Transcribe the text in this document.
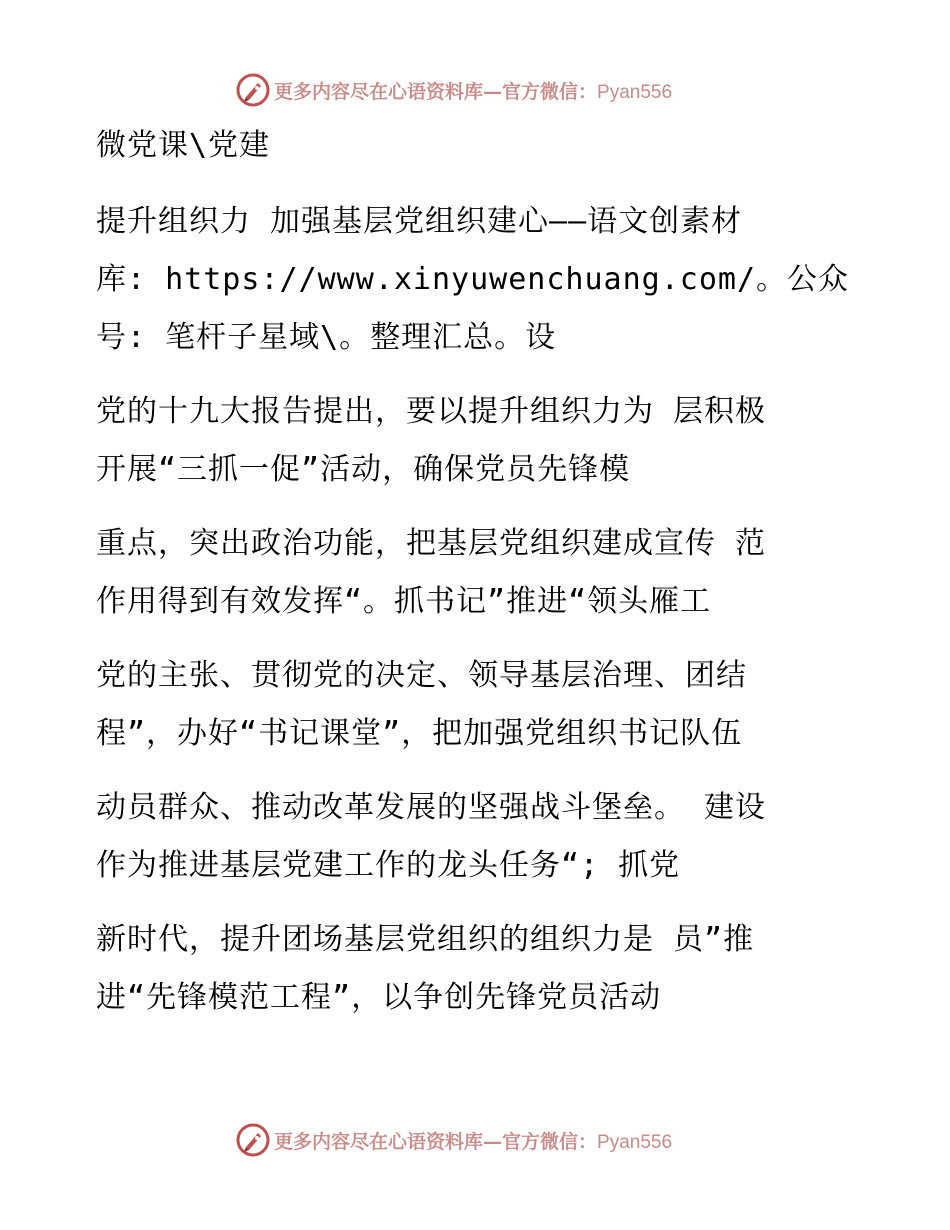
更多内容尽在心语资料库—官方微信：Pyan556
微党课\党建
提升组织力 加强基层党组织建心——语文创素材
库: https://www.xinyuwenchuang.com/。公众
号: 笔杆子星域\。整理汇总。设
党的十九大报告提出，要以提升组织力为 层积极
开展“三抓一促”活动，确保党员先锋模
重点，突出政治功能，把基层党组织建成宣传 范
作用得到有效发挥“。抓书记”推进“领头雁工
党的主张、贯彻党的决定、领导基层治理、团结
程”，办好“书记课堂”，把加强党组织书记队伍
动员群众、推动改革发展的坚强战斗堡垒。 建设
作为推进基层党建工作的龙头任务“; 抓党
新时代，提升团场基层党组织的组织力是 员”推
进“先锋模范工程”，以争创先锋党员活动
更多内容尽在心语资料库—官方微信：Pyan556
